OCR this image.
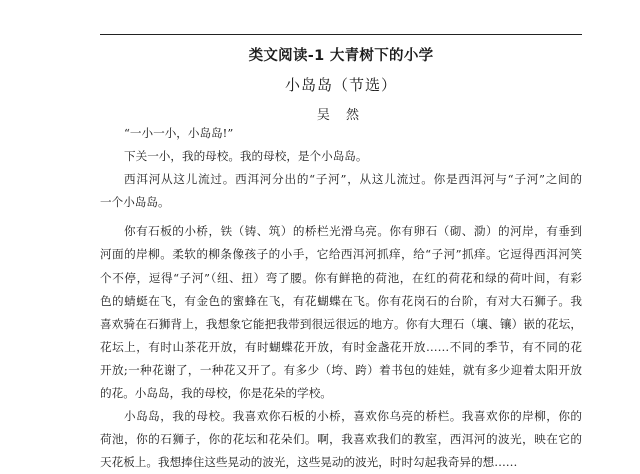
类文阅读-1 大青树下的小学
小岛岛（节选）
吴 然
“一小一小，小岛岛!”
下关一小，我的母校。我的母校，是个小岛岛。
西洱河从这儿流过。西洱河分出的“子河”，从这儿流过。你是西洱河与“子河”之间的
一个小岛岛。
你有石板的小桥，铁（铸、筑）的桥栏光滑乌亮。你有卵石（砌、泐）的河岸，有垂到
河面的岸柳。柔软的柳条像孩子的小手，它给西洱河抓痒，给“子河”抓痒。它逗得西洱河笑
个不停，逗得“子河”（纽、扭）弯了腰。你有鲜艳的荷池，在红的荷花和绿的荷叶间，有彩
色的蜻蜓在飞，有金色的蜜蜂在飞，有花蝴蝶在飞。你有花岗石的台阶，有对大石狮子。我
喜欢骑在石狮背上，我想象它能把我带到很远很远的地方。你有大理石（壤、镶）嵌的花坛，
花坛上，有时山茶花开放，有时蝴蝶花开放，有时金盏花开放……不同的季节，有不同的花
开放;一种花谢了，一种花又开了。有多少（垮、跨）着书包的娃娃，就有多少迎着太阳开放
的花。小岛岛，我的母校，你是花朵的学校。
小岛岛，我的母校。我喜欢你石板的小桥，喜欢你乌亮的桥栏。我喜欢你的岸柳，你的
荷池，你的石狮子，你的花坛和花朵们。啊，我喜欢我们的教室，西洱河的波光，映在它的
天花板上。我想捧住这些晃动的波光，这些晃动的波光，时时勾起我奇异的想……
